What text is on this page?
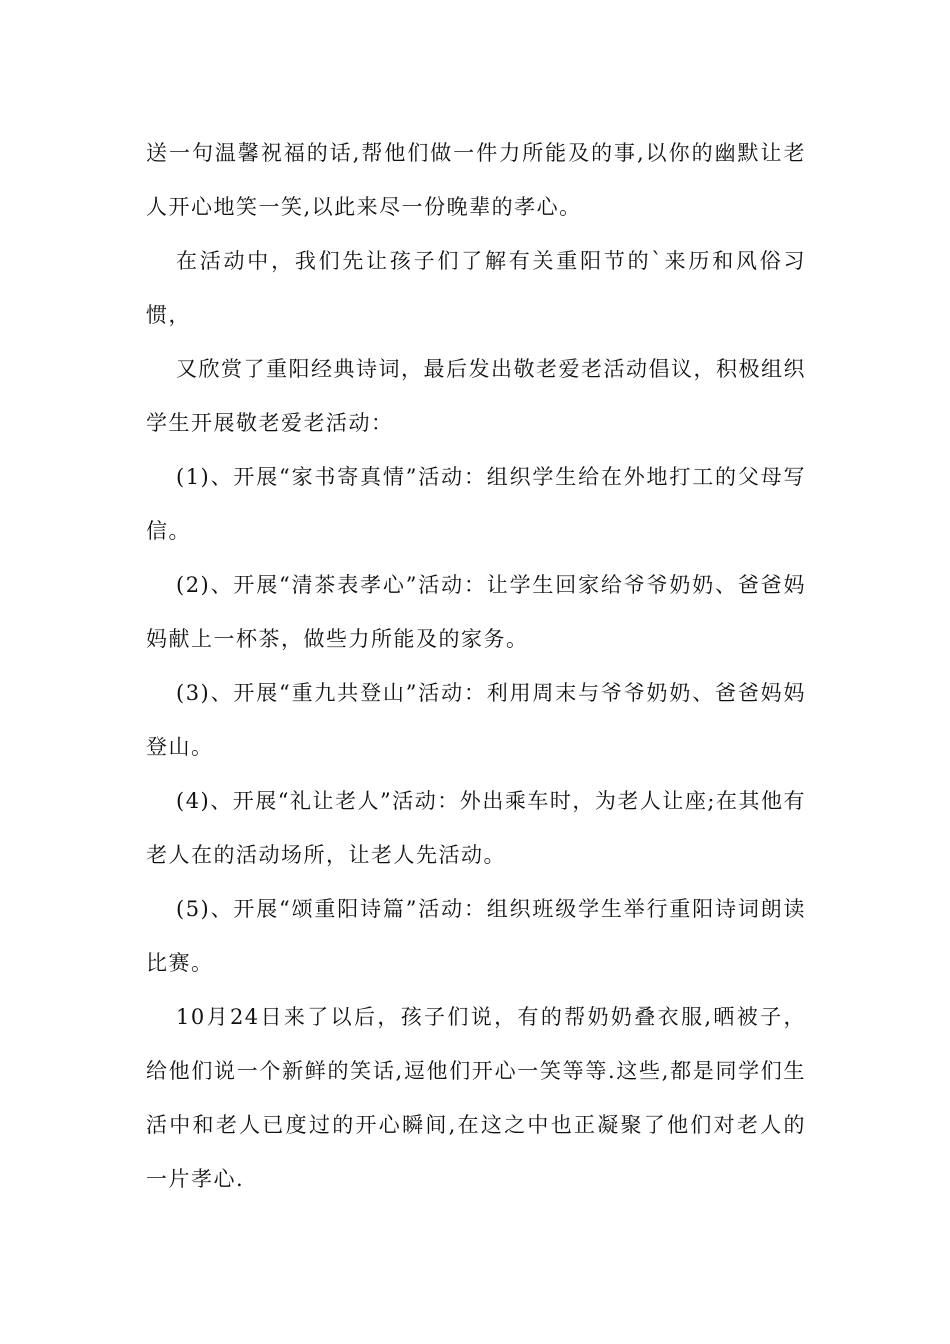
送一句温馨祝福的话,帮他们做一件力所能及的事,以你的幽默让老人开心地笑一笑,以此来尽一份晚辈的孝心。

在活动中，我们先让孩子们了解有关重阳节的`来历和风俗习惯，

又欣赏了重阳经典诗词，最后发出敬老爱老活动倡议，积极组织学生开展敬老爱老活动：

(1)、开展“家书寄真情”活动：组织学生给在外地打工的父母写信。

(2)、开展“清茶表孝心”活动：让学生回家给爷爷奶奶、爸爸妈妈献上一杯茶，做些力所能及的家务。

(3)、开展“重九共登山”活动：利用周末与爷爷奶奶、爸爸妈妈登山。

(4)、开展“礼让老人”活动：外出乘车时，为老人让座;在其他有老人在的活动场所，让老人先活动。

(5)、开展“颂重阳诗篇”活动：组织班级学生举行重阳诗词朗读比赛。

10月24日来了以后，孩子们说，有的帮奶奶叠衣服,晒被子，给他们说一个新鲜的笑话,逗他们开心一笑等等.这些,都是同学们生活中和老人已度过的开心瞬间,在这之中也正凝聚了他们对老人的一片孝心.
